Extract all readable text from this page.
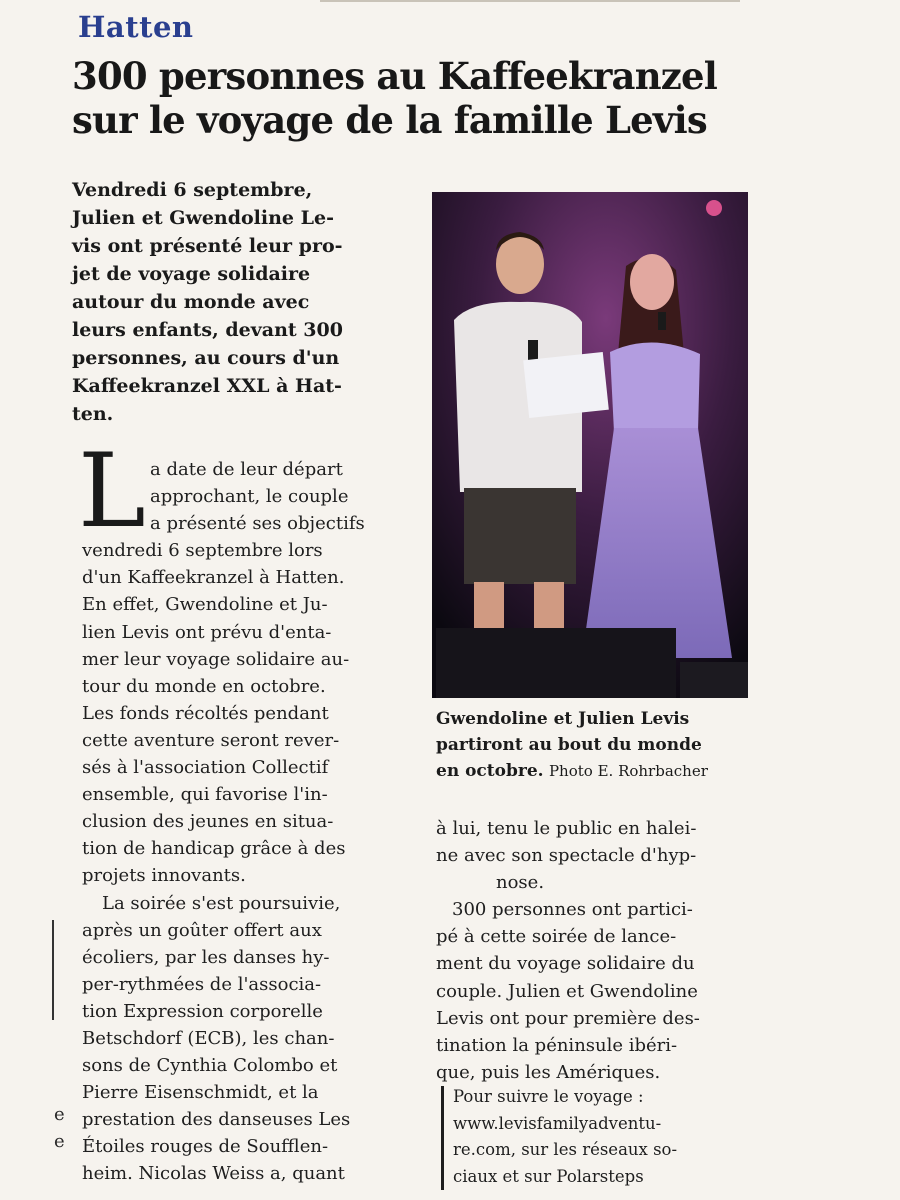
Hatten
300 personnes au Kaffeekranzel
sur le voyage de la famille Levis
Vendredi 6 septembre,
Julien et Gwendoline Le-
vis ont présenté leur pro-
jet de voyage solidaire
autour du monde avec
leurs enfants, devant 300
personnes, au cours d'un
Kaffeekranzel XXL à Hat-
ten.
L a date de leur départ
approchant, le couple
a présenté ses objectifs
vendredi 6 septembre lors
d'un Kaffeekranzel à Hatten.
En effet, Gwendoline et Ju-
lien Levis ont prévu d'enta-
mer leur voyage solidaire au-
tour du monde en octobre.
Les fonds récoltés pendant
cette aventure seront rever-
sés à l'association Collectif
ensemble, qui favorise l'in-
clusion des jeunes en situa-
tion de handicap grâce à des
projets innovants.
La soirée s'est poursuivie,
après un goûter offert aux
écoliers, par les danses hy-
per-rythmées de l'associa-
tion Expression corporelle
Betschdorf (ECB), les chan-
sons de Cynthia Colombo et
Pierre Eisenschmidt, et la
prestation des danseuses Les
Étoiles rouges de Soufflen-
heim. Nicolas Weiss a, quant
Gwendoline et Julien Levis
partiront au bout du monde
en octobre. Photo E. Rohrbacher
à lui, tenu le public en halei-
ne avec son spectacle d'hyp-
nose.
300 personnes ont partici-
pé à cette soirée de lance-
ment du voyage solidaire du
couple. Julien et Gwendoline
Levis ont pour première des-
tination la péninsule ibéri-
que, puis les Amériques.
Pour suivre le voyage :
www.levisfamilyadventu-
re.com, sur les réseaux so-
ciaux et sur Polarsteps
e
e
